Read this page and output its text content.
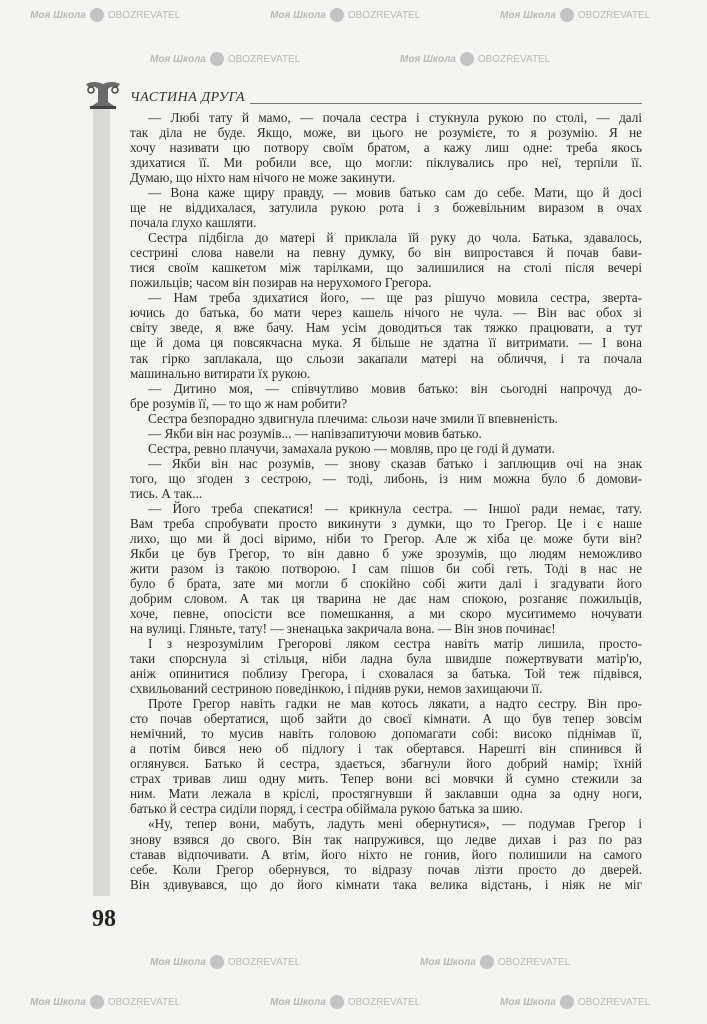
ЧАСТИНА ДРУГА
— Любі тату й мамо, — почала сестра і стукнула рукою по столі, — далі
так діла не буде. Якщо, може, ви цього не розумієте, то я розумію. Я не
хочу називати цю потвору своїм братом, а кажу лиш одне: треба якось
здихатися її. Ми робили все, що могли: піклувались про неї, терпіли її.
Думаю, що ніхто нам нічого не може закинути.
— Вона каже щиру правду, — мовив батько сам до себе. Мати, що й досі
ще не віддихалася, затулила рукою рота і з божевільним виразом в очах
почала глухо кашляти.
Сестра підбігла до матері й приклала їй руку до чола. Батька, здавалось,
сестрині слова навели на певну думку, бо він випростався й почав бави-
тися своїм кашкетом між тарілками, що залишилися на столі після вечері
пожильців; часом він позирав на нерухомого Грегора.
— Нам треба здихатися його, — ще раз рішучо мовила сестра, зверта-
ючись до батька, бо мати через кашель нічого не чула. — Він вас обох зі
світу зведе, я вже бачу. Нам усім доводиться так тяжко працювати, а тут
ще й дома ця повсякчасна мука. Я більше не здатна її витримати. — І вона
так гірко заплакала, що сльози закапали матері на обличчя, і та почала
машинально витирати їх рукою.
— Дитино моя, — співчутливо мовив батько: він сьогодні напрочуд до-
бре розумів її, — то що ж нам робити?
Сестра безпорадно здвигнула плечима: сльози наче змили її впевненість.
— Якби він нас розумів... — напівзапитуючи мовив батько.
Сестра, ревно плачучи, замахала рукою — мовляв, про це годі й думати.
— Якби він нас розумів, — знову сказав батько і заплющив очі на знак
того, що згоден з сестрою, — тоді, либонь, із ним можна було б домови-
тись. А так...
— Його треба спекатися! — крикнула сестра. — Іншої ради немає, тату.
Вам треба спробувати просто викинути з думки, що то Грегор. Це і є наше
лихо, що ми й досі віримо, ніби то Грегор. Але ж хіба це може бути він?
Якби це був Грегор, то він давно б уже зрозумів, що людям неможливо
жити разом із такою потворою. І сам пішов би собі геть. Тоді в нас не
було б брата, зате ми могли б спокійно собі жити далі і згадувати його
добрим словом. А так ця тварина не дає нам спокою, розганяє пожильців,
хоче, певне, опосісти все помешкання, а ми скоро муситимемо ночувати
на вулиці. Гляньте, тату! — зненацька закричала вона. — Він знов починає!
І з незрозумілим Грегорові ляком сестра навіть матір лишила, просто-
таки спорснула зі стільця, ніби ладна була швидше пожертвувати матір'ю,
аніж опинитися поблизу Грегора, і сховалася за батька. Той теж підвівся,
схвильований сестриною поведінкою, і підняв руки, немов захищаючи її.
Проте Грегор навіть гадки не мав котось лякати, а надто сестру. Він про-
сто почав обертатися, щоб зайти до своєї кімнати. А що був тепер зовсім
немічний, то мусив навіть головою допомагати собі: високо піднімав її,
а потім бився нею об підлогу і так обертався. Нарешті він спинився й
оглянувся. Батько й сестра, здається, збагнули його добрий намір; їхній
страх тривав лиш одну мить. Тепер вони всі мовчки й сумно стежили за
ним. Мати лежала в кріслі, простягнувши й заклавши одна за одну ноги,
батько й сестра сиділи поряд, і сестра обіймала рукою батька за шию.
«Ну, тепер вони, мабуть, ладуть мені обернутися», — подумав Грегор і
знову взявся до свого. Він так напружився, що ледве дихав і раз по раз
ставав відпочивати. А втім, його ніхто не гонив, його полишили на самого
себе. Коли Грегор обернувся, то відразу почав лізти просто до дверей.
Він здивувався, що до його кімнати така велика відстань, і ніяк не міг
98
Моя Школа OBOZREVATEL	Моя Школа OBOZREVATEL	Моя Школа OBOZREVATEL
Моя Школа OBOZREVATEL	Моя Школа OBOZREVATEL
Моя Школа OBOZREVATEL	Моя Школа OBOZREVATEL
Моя Школа OBOZREVATEL	Моя Школа OBOZREVATEL	Моя Школа OBOZREVATEL
